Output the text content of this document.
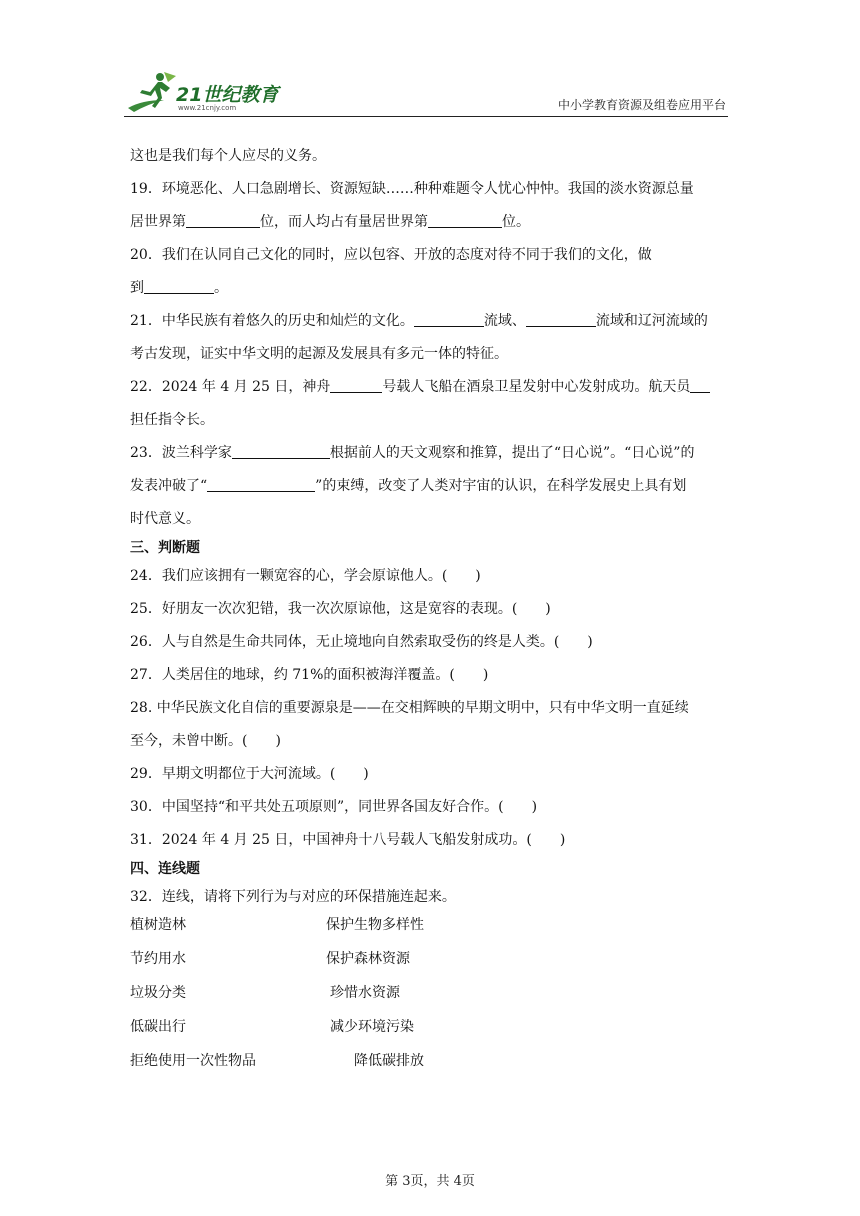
21世纪教育
www.21cnjy.com	中小学教育资源及组卷应用平台
这也是我们每个人应尽的义务。
19．环境恶化、人口急剧增长、资源短缺……种种难题令人忧心忡忡。我国的淡水资源总量
居世界第	位，而人均占有量居世界第	位。
20．我们在认同自己文化的同时，应以包容、开放的态度对待不同于我们的文化，做
到	。
21．中华民族有着悠久的历史和灿烂的文化。	流域、	流域和辽河流域的
考古发现，证实中华文明的起源及发展具有多元一体的特征。
22．2024 年 4 月 25 日，神舟	号载人飞船在酒泉卫星发射中心发射成功。航天员
担任指令长。
23．波兰科学家	根据前人的天文观察和推算，提出了“日心说”。“日心说”的
发表冲破了“	”的束缚，改变了人类对宇宙的认识，在科学发展史上具有划
时代意义。
三、判断题
24．我们应该拥有一颗宽容的心，学会原谅他人。(　　)
25．好朋友一次次犯错，我一次次原谅他，这是宽容的表现。(　　)
26．人与自然是生命共同体，无止境地向自然索取受伤的终是人类。(　　)
27．人类居住的地球，约 71%的面积被海洋覆盖。(　　)
28. 中华民族文化自信的重要源泉是——在交相辉映的早期文明中，只有中华文明一直延续
至今，未曾中断。(　　)
29．早期文明都位于大河流域。(　　)
30．中国坚持“和平共处五项原则”，同世界各国友好合作。(　　)
31．2024 年 4 月 25 日，中国神舟十八号载人飞船发射成功。(　　)
四、连线题
32．连线，请将下列行为与对应的环保措施连起来。
植树造林	保护生物多样性
节约用水	保护森林资源
垃圾分类	珍惜水资源
低碳出行	减少环境污染
拒绝使用一次性物品	降低碳排放
第 3页，共 4页
